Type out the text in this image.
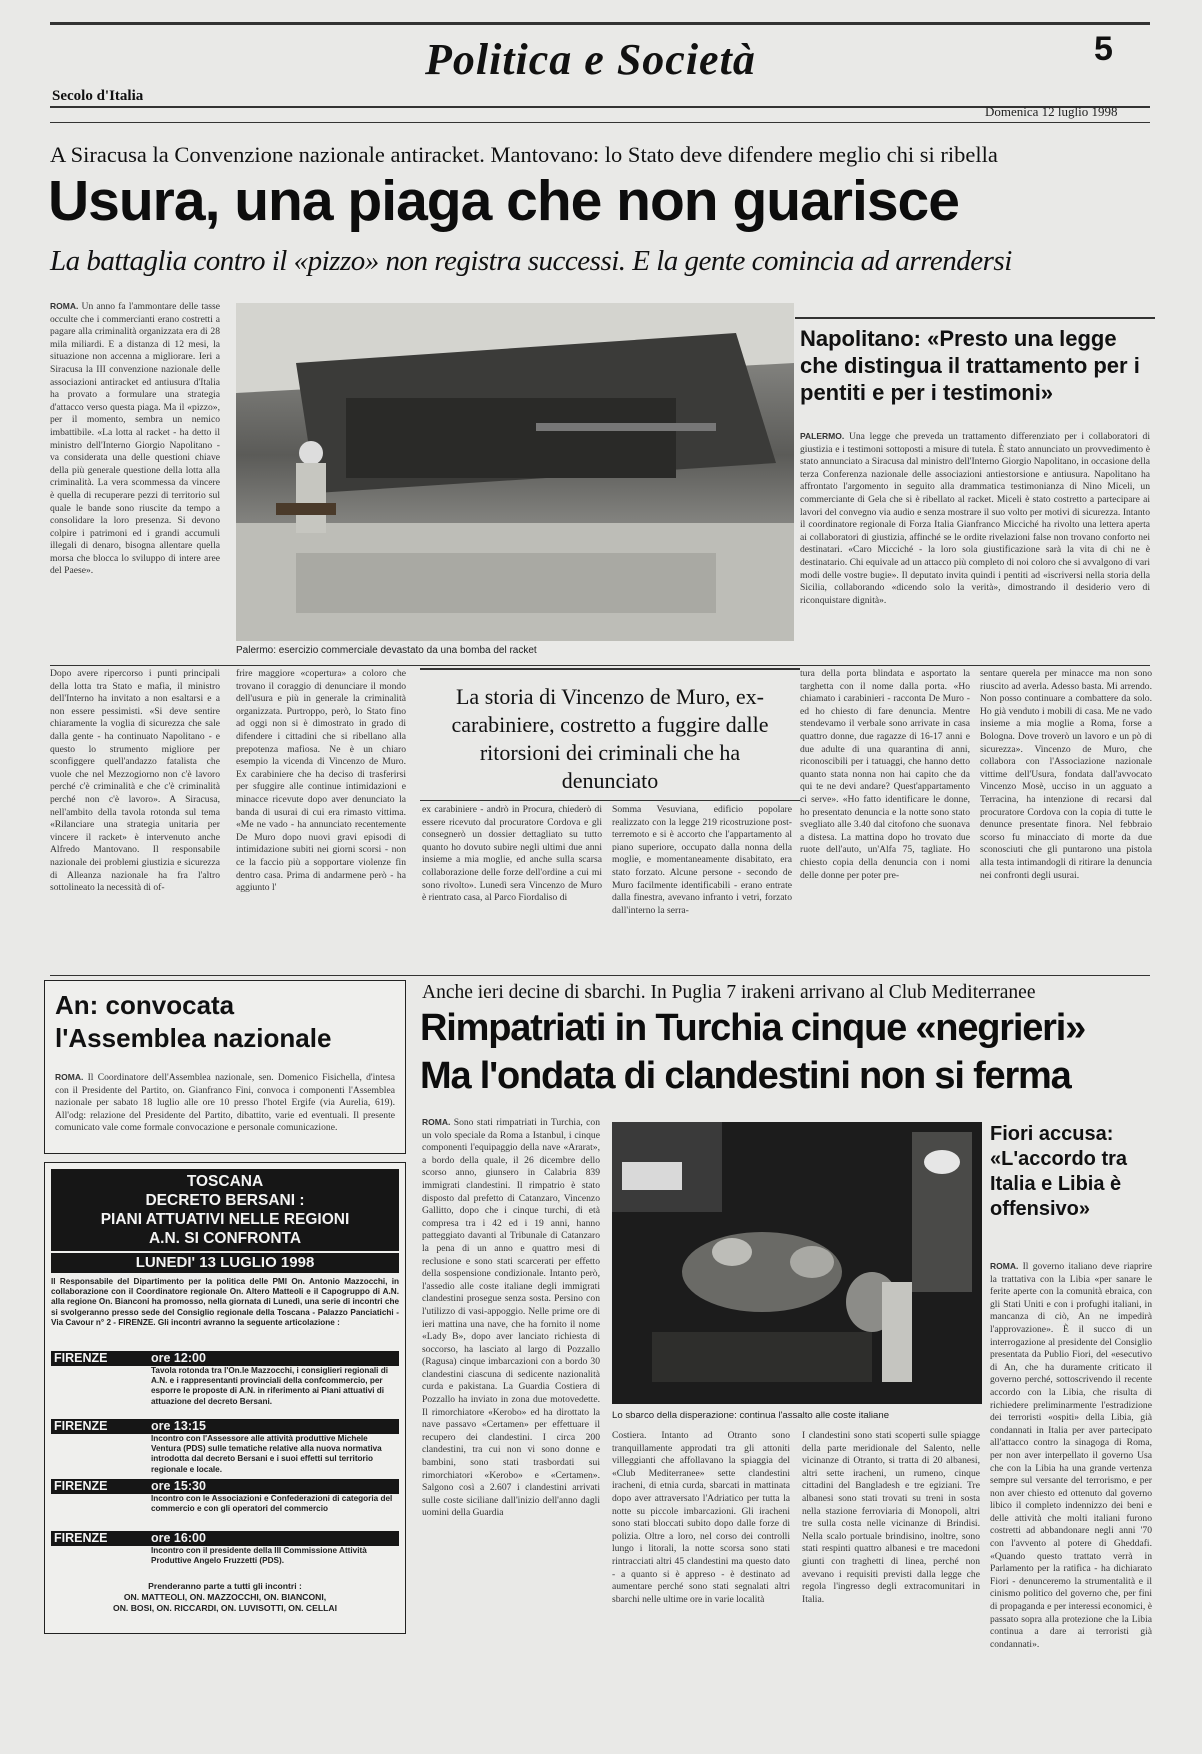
Politica e Società	5
Secolo d'Italia
Domenica 12 luglio 1998
A Siracusa la Convenzione nazionale antiracket. Mantovano: lo Stato deve difendere meglio chi si ribella
Usura, una piaga che non guarisce
La battaglia contro il «pizzo» non registra successi. E la gente comincia ad arrendersi
ROMA. Un anno fa l'ammontare delle tasse occulte che i commercianti erano costretti a pagare alla criminalità organizzata era di 28 mila miliardi. E a distanza di 12 mesi, la situazione non accenna a migliorare. Ieri a Siracusa la III convenzione nazionale delle associazioni antiracket ed antiusura d'Italia ha provato a formulare una strategia d'attacco verso questa piaga. Ma il «pizzo», per il momento, sembra un nemico imbattibile. «La lotta al racket - ha detto il ministro dell'Interno Giorgio Napolitano - va considerata una delle questioni chiave della più generale questione della lotta alla criminalità. La vera scommessa da vincere è quella di recuperare pezzi di territorio sul quale le bande sono riuscite da tempo a consolidare la loro presenza. Si devono colpire i patrimoni ed i grandi accumuli illegali di denaro, bisogna allentare quella morsa che blocca lo sviluppo di intere aree del Paese».
Palermo: esercizio commerciale devastato da una bomba del racket
Napolitano: «Presto una legge che distingua il trattamento per i pentiti e per i testimoni»
PALERMO. Una legge che preveda un trattamento differenziato per i collaboratori di giustizia e i testimoni sottoposti a misure di tutela. È stato annunciato un provvedimento è stato annunciato a Siracusa dal ministro dell'Interno Giorgio Napolitano, in occasione della terza Conferenza nazionale delle associazioni antiestorsione e antiusura. Napolitano ha affrontato l'argomento in seguito alla drammatica testimonianza di Nino Miceli, un commerciante di Gela che si è ribellato al racket. Miceli è stato costretto a partecipare ai lavori del convegno via audio e senza mostrare il suo volto per motivi di sicurezza. Intanto il coordinatore regionale di Forza Italia Gianfranco Micciché ha rivolto una lettera aperta ai collaboratori di giustizia, affinché se le ordite rivelazioni false non trovano conforto nei destinatari. «Caro Micciché - la loro sola giustificazione sarà la vita di chi ne è destinatario. Chi equivale ad un attacco più completo di noi coloro che si avvalgono di vari modi delle vostre bugie». Il deputato invita quindi i pentiti ad «iscriversi nella storia della Sicilia, collaborando «dicendo solo la verità», dimostrando il desiderio vero di riconquistare dignità».
Dopo avere ripercorso i punti principali della lotta tra Stato e mafia, il ministro dell'Interno ha invitato a non esaltarsi e a non essere pessimisti. «Si deve sentire chiaramente la voglia di sicurezza che sale dalla gente - ha continuato Napolitano - e questo lo strumento migliore per sconfiggere quell'andazzo fatalista che vuole che nel Mezzogiorno non c'è lavoro perché c'è criminalità e che c'è criminalità perché non c'è lavoro». A Siracusa, nell'ambito della tavola rotonda sul tema «Rilanciare una strategia unitaria per vincere il racket» è intervenuto anche Alfredo Mantovano. Il responsabile nazionale dei problemi giustizia e sicurezza di Alleanza nazionale ha fra l'altro sottolineato la necessità di of-
frire maggiore «copertura» a coloro che trovano il coraggio di denunciare il mondo dell'usura e più in generale la criminalità organizzata. Purtroppo, però, lo Stato fino ad oggi non si è dimostrato in grado di difendere i cittadini che si ribellano alla prepotenza mafiosa. Ne è un chiaro esempio la vicenda di Vincenzo de Muro. Ex carabiniere che ha deciso di trasferirsi per sfuggire alle continue intimidazioni e minacce ricevute dopo aver denunciato la banda di usurai di cui era rimasto vittima. «Me ne vado - ha annunciato recentemente De Muro dopo nuovi gravi episodi di intimidazione subiti nei giorni scorsi - non ce la faccio più a sopportare violenze fin dentro casa. Prima di andarmene però - ha aggiunto l'
La storia di Vincenzo de Muro, ex-carabiniere, costretto a fuggire dalle ritorsioni dei criminali che ha denunciato
ex carabiniere - andrò in Procura, chiederò di essere ricevuto dal procuratore Cordova e gli consegnerò un dossier dettagliato su tutto quanto ho dovuto subire negli ultimi due anni insieme a mia moglie, ed anche sulla scarsa collaborazione delle forze dell'ordine a cui mi sono rivolto». Lunedì sera Vincenzo de Muro è rientrato casa, al Parco Fiordaliso di
Somma Vesuviana, edificio popolare realizzato con la legge 219 ricostruzione post-terremoto e si è accorto che l'appartamento al piano superiore, occupato dalla nonna della moglie, e momentaneamente disabitato, era stato forzato. Alcune persone - secondo de Muro facilmente identificabili - erano entrate dalla finestra, avevano infranto i vetri, forzato dall'interno la serra-
tura della porta blindata e asportato la targhetta con il nome dalla porta. «Ho chiamato i carabinieri - racconta De Muro - ed ho chiesto di fare denuncia. Mentre stendevamo il verbale sono arrivate in casa quattro donne, due ragazze di 16-17 anni e due adulte di una quarantina di anni, riconoscibili per i tatuaggi, che hanno detto quanto stata nonna non hai capito che da qui te ne devi andare? Quest'appartamento ci serve». «Ho fatto identificare le donne, ho presentato denuncia e la notte sono stato svegliato alle 3.40 dal citofono che suonava a distesa. La mattina dopo ho trovato due ruote dell'auto, un'Alfa 75, tagliate. Ho chiesto copia della denuncia con i nomi delle donne per poter pre-
sentare querela per minacce ma non sono riuscito ad averla. Adesso basta. Mi arrendo. Non posso continuare a combattere da solo. Ho già venduto i mobili di casa. Me ne vado insieme a mia moglie a Roma, forse a Bologna. Dove troverò un lavoro e un pò di sicurezza». Vincenzo de Muro, che collabora con l'Associazione nazionale vittime dell'Usura, fondata dall'avvocato Vincenzo Mosè, ucciso in un agguato a Terracina, ha intenzione di recarsi dal procuratore Cordova con la copia di tutte le denunce presentate finora. Nel febbraio scorso fu minacciato di morte da due sconosciuti che gli puntarono una pistola alla testa intimandogli di ritirare la denuncia nei confronti degli usurai.
An: convocata l'Assemblea nazionale
ROMA. Il Coordinatore dell'Assemblea nazionale, sen. Domenico Fisichella, d'intesa con il Presidente del Partito, on. Gianfranco Fini, convoca i componenti l'Assemblea nazionale per sabato 18 luglio alle ore 10 presso l'hotel Ergife (via Aurelia, 619). All'odg: relazione del Presidente del Partito, dibattito, varie ed eventuali. Il presente comunicato vale come formale convocazione e personale comunicazione.
TOSCANA
DECRETO BERSANI :
PIANI ATTUATIVI NELLE REGIONI
A.N. SI CONFRONTA
LUNEDI' 13 LUGLIO 1998
Il Responsabile del Dipartimento per la politica delle PMI On. Antonio Mazzocchi, in collaborazione con il Coordinatore regionale On. Altero Matteoli e il Capogruppo di A.N. alla regione On. Bianconi ha promosso, nella giornata di Lunedì, una serie di incontri che si svolgeranno presso sede del Consiglio regionale della Toscana - Palazzo Panciatichi - Via Cavour n° 2 - FIRENZE. Gli incontri avranno la seguente articolazione :
FIRENZE	ore 12:00
Tavola rotonda tra l'On.le Mazzocchi, i consiglieri regionali di A.N. e i rappresentanti provinciali della confcommercio, per esporre le proposte di A.N. in riferimento ai Piani attuativi di attuazione del decreto Bersani.
FIRENZE	ore 13:15
Incontro con l'Assessore alle attività produttive Michele Ventura (PDS) sulle tematiche relative alla nuova normativa introdotta dal decreto Bersani e i suoi effetti sul territorio regionale e locale.
FIRENZE	ore 15:30
Incontro con le Associazioni e Confederazioni di categoria del commercio e con gli operatori del commercio
FIRENZE	ore 16:00
Incontro con il presidente della III Commissione Attività Produttive Angelo Fruzzetti (PDS).
Prenderanno parte a tutti gli incontri :
ON. MATTEOLI, ON. MAZZOCCHI, ON. BIANCONI,
ON. BOSI, ON. RICCARDI, ON. LUVISOTTI, ON. CELLAI
Anche ieri decine di sbarchi. In Puglia 7 irakeni arrivano al Club Mediterranee
Rimpatriati in Turchia cinque «negrieri»
Ma l'ondata di clandestini non si ferma
ROMA. Sono stati rimpatriati in Turchia, con un volo speciale da Roma a Istanbul, i cinque componenti l'equipaggio della nave «Ararat», a bordo della quale, il 26 dicembre dello scorso anno, giunsero in Calabria 839 immigrati clandestini. Il rimpatrio è stato disposto dal prefetto di Catanzaro, Vincenzo Gallitto, dopo che i cinque turchi, di età compresa tra i 42 ed i 19 anni, hanno patteggiato davanti al Tribunale di Catanzaro la pena di un anno e quattro mesi di reclusione e sono stati scarcerati per effetto della sospensione condizionale. Intanto però, l'assedio alle coste italiane degli immigrati clandestini prosegue senza sosta. Persino con l'utilizzo di vasi-appoggio. Nelle prime ore di ieri mattina una nave, che ha fornito il nome «Lady B», dopo aver lanciato richiesta di soccorso, ha lasciato al largo di Pozzallo (Ragusa) cinque imbarcazioni con a bordo 30 clandestini ciascuna di sedicente nazionalità curda e pakistana. La Guardia Costiera di Pozzallo ha inviato in zona due motovedette. Il rimorchiatore «Kerobo» ed ha dirottato la nave passavo «Certamen» per effettuare il recupero dei clandestini. I circa 200 clandestini, tra cui non vi sono donne e bambini, sono stati trasbordati sui rimorchiatori «Kerobo» e «Certamen». Salgono così a 2.607 i clandestini arrivati sulle coste siciliane dall'inizio dell'anno dagli uomini della Guardia
Lo sbarco della disperazione: continua l'assalto alle coste italiane
Costiera. Intanto ad Otranto sono tranquillamente approdati tra gli attoniti villeggianti che affollavano la spiaggia del «Club Mediterranee» sette clandestini iracheni, di etnia curda, sbarcati in mattinata dopo aver attraversato l'Adriatico per tutta la notte su piccole imbarcazioni. Gli iracheni sono stati bloccati subito dopo dalle forze di polizia. Oltre a loro, nel corso dei controlli lungo i litorali, la notte scorsa sono stati rintracciati altri 45 clandestini ma questo dato - a quanto si è appreso - è destinato ad aumentare perché sono stati segnalati altri sbarchi nelle ultime ore in varie località
I clandestini sono stati scoperti sulle spiagge della parte meridionale del Salento, nelle vicinanze di Otranto, si tratta di 20 albanesi, altri sette iracheni, un rumeno, cinque cittadini del Bangladesh e tre egiziani. Tre albanesi sono stati trovati su treni in sosta nella stazione ferroviaria di Monopoli, altri tre sulla costa nelle vicinanze di Brindisi. Nella scalo portuale brindisino, inoltre, sono stati respinti quattro albanesi e tre macedoni giunti con traghetti di linea, perché non avevano i requisiti previsti dalla legge che regola l'ingresso degli extracomunitari in Italia.
Fiori accusa: «L'accordo tra Italia e Libia è offensivo»
ROMA. Il governo italiano deve riaprire la trattativa con la Libia «per sanare le ferite aperte con la comunità ebraica, con gli Stati Uniti e con i profughi italiani, in mancanza di ciò, An ne impedirà l'approvazione». È il succo di un interrogazione al presidente del Consiglio presentata da Publio Fiori, del «esecutivo di An, che ha duramente criticato il governo perché, sottoscrivendo il recente accordo con la Libia, che risulta di richiedere preliminarmente l'estradizione dei terroristi «ospiti» della Libia, già condannati in Italia per aver partecipato all'attacco contro la sinagoga di Roma, per non aver interpellato il governo Usa che con la Libia ha una grande vertenza sempre sul versante del terrorismo, e per non aver chiesto ed ottenuto dal governo libico il completo indennizzo dei beni e delle attività che molti italiani furono costretti ad abbandonare negli anni '70 con l'avvento al potere di Gheddafi. «Quando questo trattato verrà in Parlamento per la ratifica - ha dichiarato Fiori - denunceremo la strumentalità e il cinismo politico del governo che, per fini di propaganda e per interessi economici, è passato sopra alla protezione che la Libia continua a dare ai terroristi già condannati».
